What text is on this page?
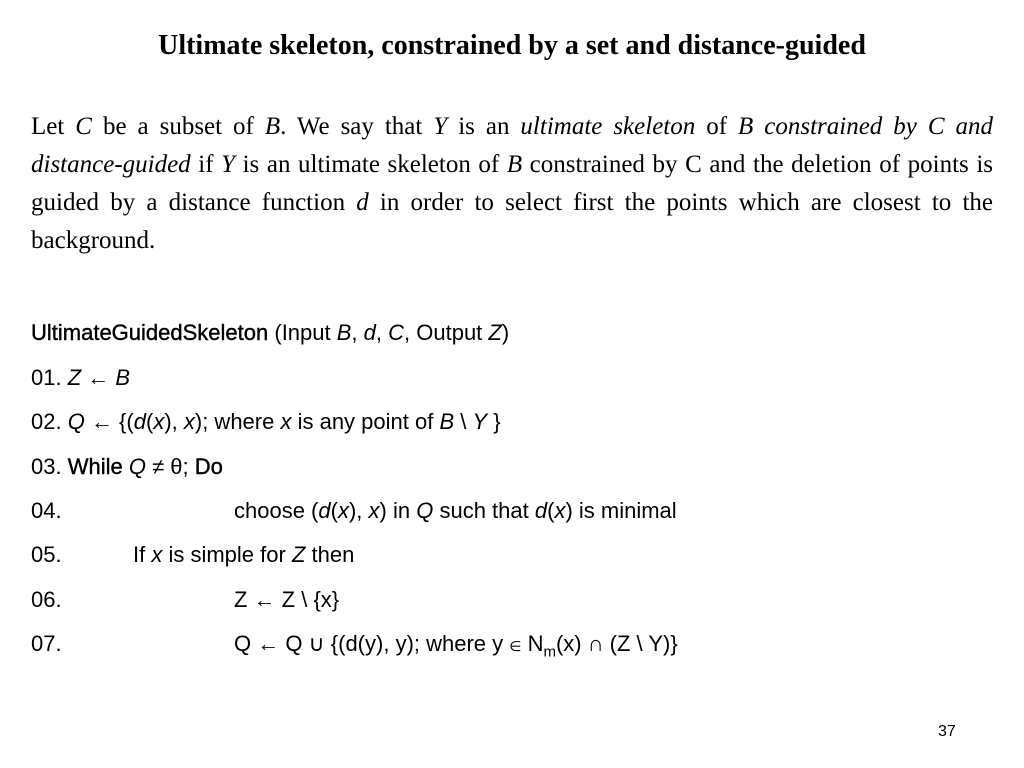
Ultimate skeleton, constrained by a set and distance-guided
Let C be a subset of B. We say that Y is an ultimate skeleton of B constrained by C and distance-guided if Y is an ultimate skeleton of B constrained by C and the deletion of points is guided by a distance function d in order to select first the points which are closest to the background.
UltimateGuidedSkeleton (Input B, d, C, Output Z)
01. Z ← B
02. Q ← {(d(x), x); where x is any point of B \ Y }
03. While Q ≠ θ; Do
04.	choose (d(x), x) in Q such that d(x) is minimal
05.	If x is simple for Z then
06.	Z ← Z \ {x}
07.	Q ← Q ∪ {(d(y), y); where y ∈ $N_m(x)$ ∩ (Z \ Y)}
37
